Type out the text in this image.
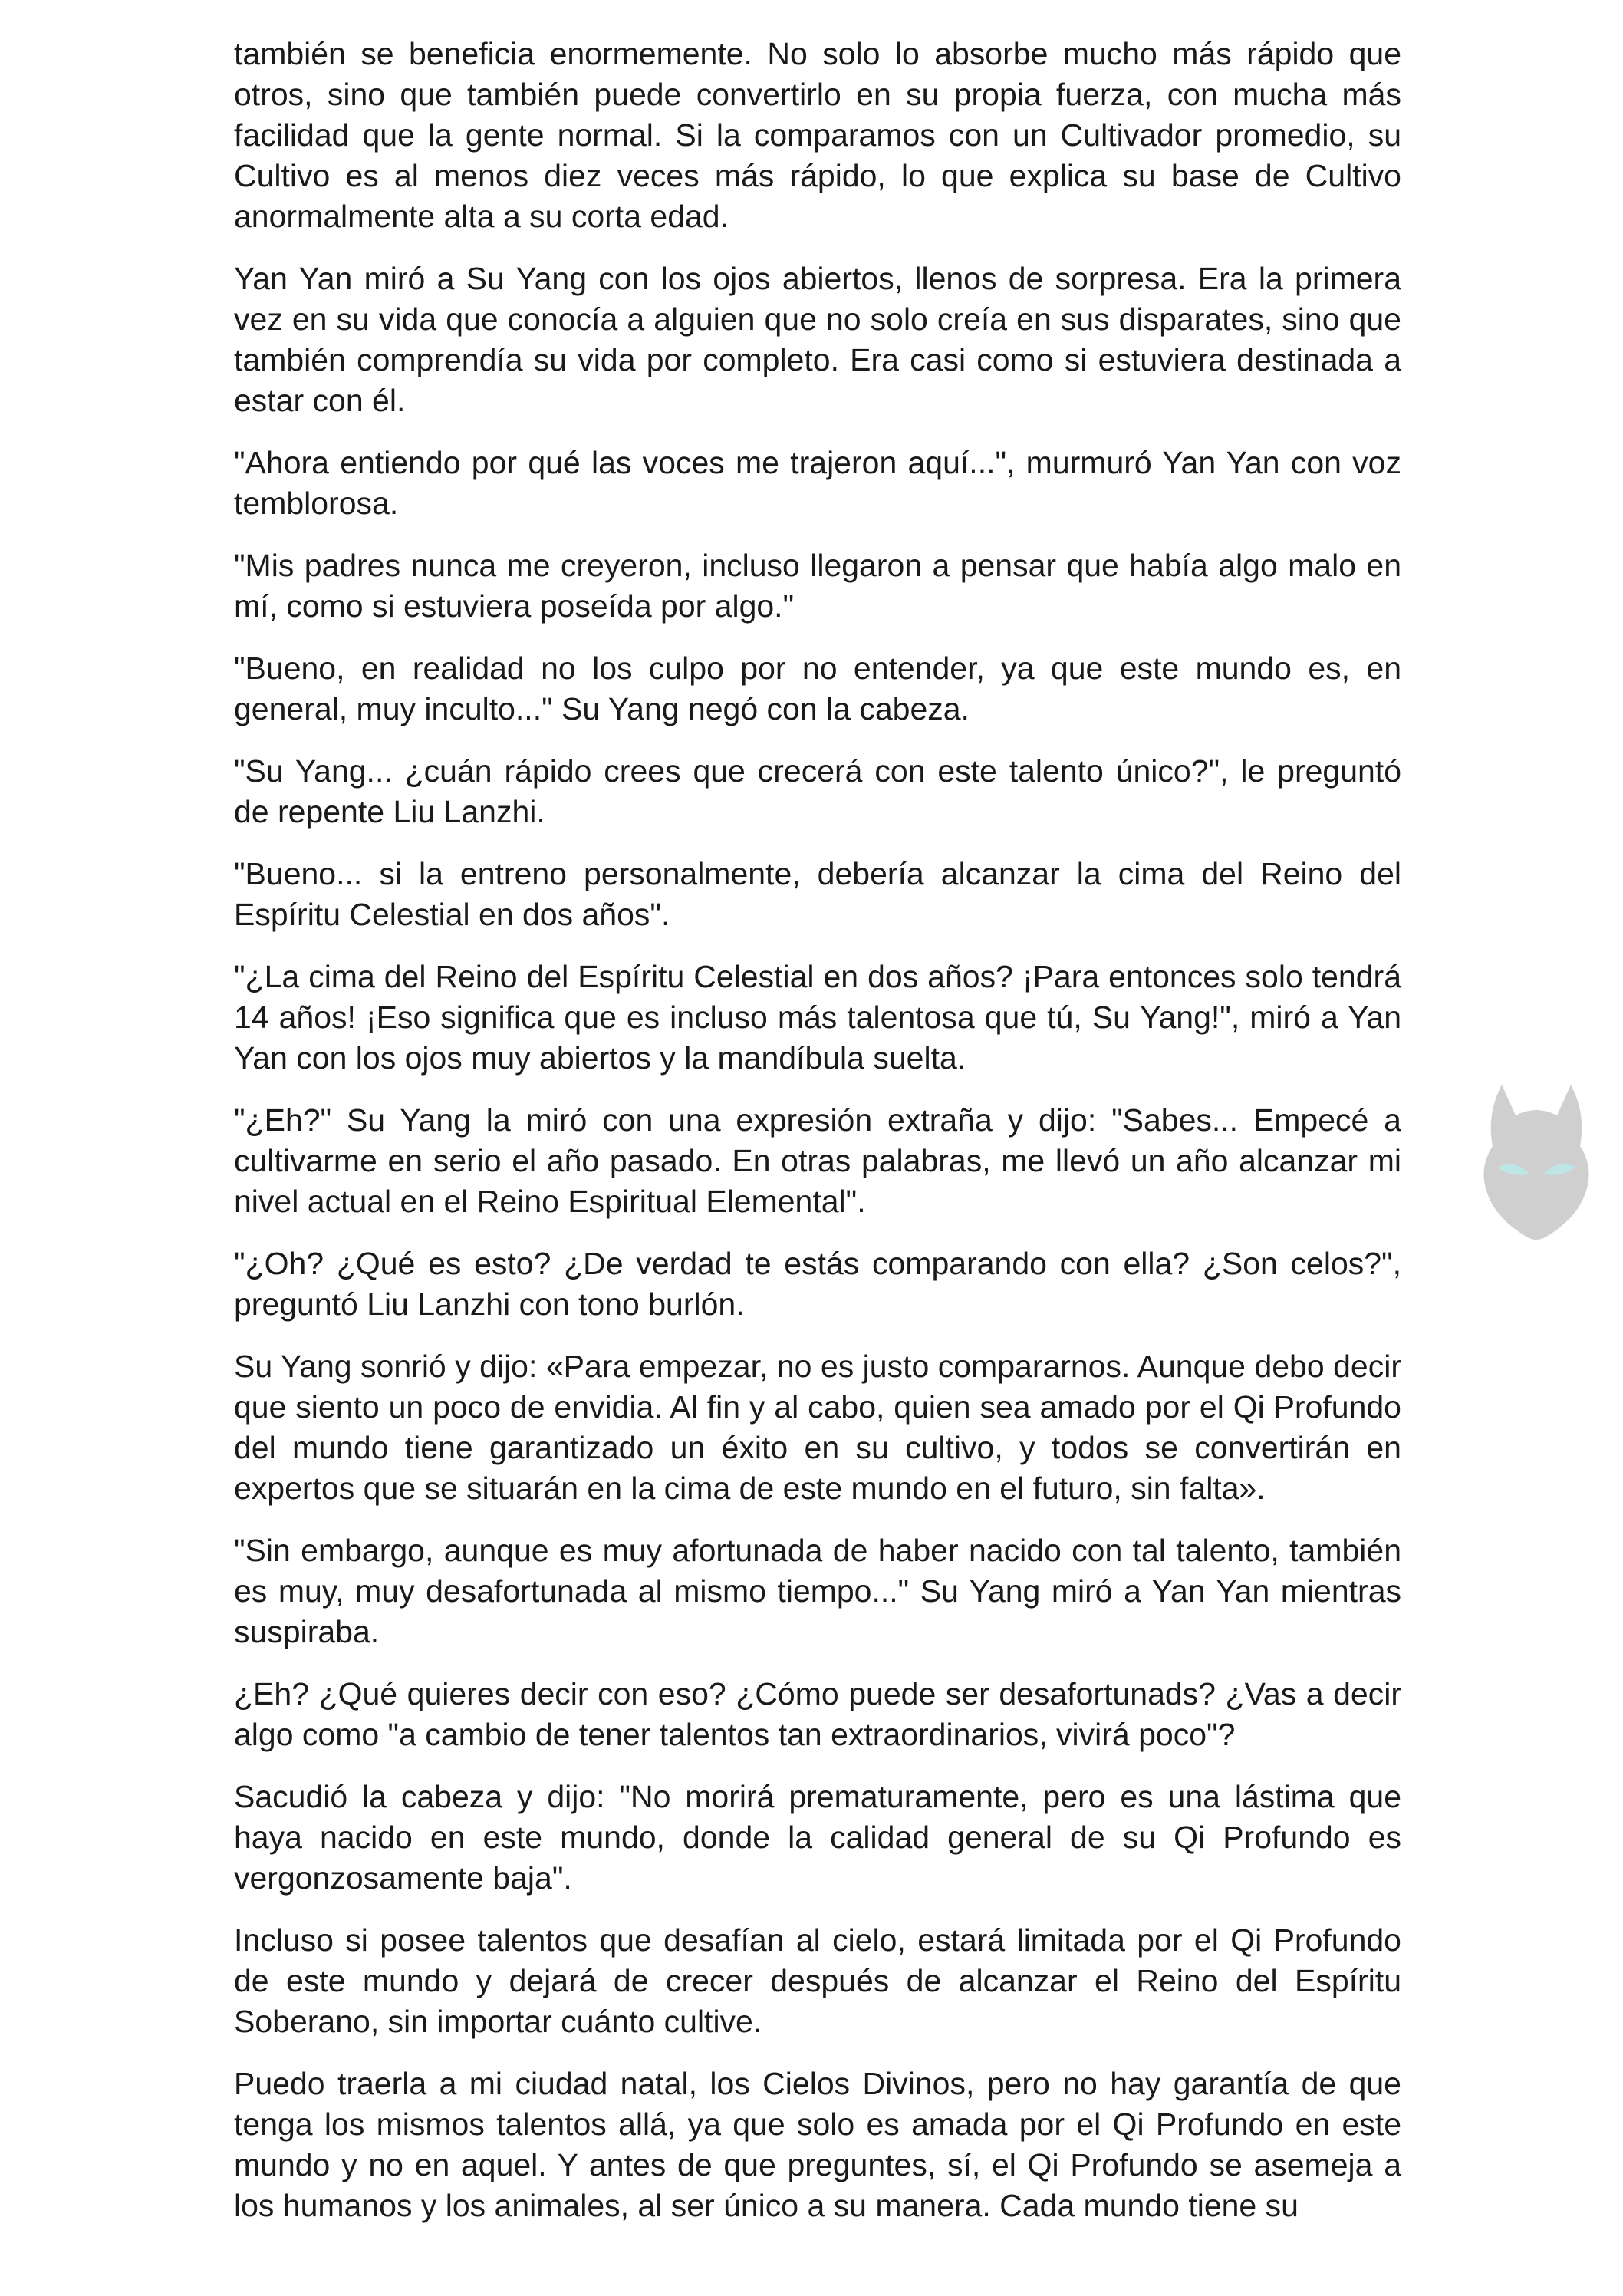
también se beneficia enormemente. No solo lo absorbe mucho más rápido que otros, sino que también puede convertirlo en su propia fuerza, con mucha más facilidad que la gente normal. Si la comparamos con un Cultivador promedio, su Cultivo es al menos diez veces más rápido, lo que explica su base de Cultivo anormalmente alta a su corta edad.

Yan Yan miró a Su Yang con los ojos abiertos, llenos de sorpresa. Era la primera vez en su vida que conocía a alguien que no solo creía en sus disparates, sino que también comprendía su vida por completo. Era casi como si estuviera destinada a estar con él.

"Ahora entiendo por qué las voces me trajeron aquí...", murmuró Yan Yan con voz temblorosa.

"Mis padres nunca me creyeron, incluso llegaron a pensar que había algo malo en mí, como si estuviera poseída por algo."

"Bueno, en realidad no los culpo por no entender, ya que este mundo es, en general, muy inculto..." Su Yang negó con la cabeza.

"Su Yang... ¿cuán rápido crees que crecerá con este talento único?", le preguntó de repente Liu Lanzhi.

"Bueno... si la entreno personalmente, debería alcanzar la cima del Reino del Espíritu Celestial en dos años".

"¿La cima del Reino del Espíritu Celestial en dos años? ¡Para entonces solo tendrá 14 años! ¡Eso significa que es incluso más talentosa que tú, Su Yang!", miró a Yan Yan con los ojos muy abiertos y la mandíbula suelta.

"¿Eh?" Su Yang la miró con una expresión extraña y dijo: "Sabes... Empecé a cultivarme en serio el año pasado. En otras palabras, me llevó un año alcanzar mi nivel actual en el Reino Espiritual Elemental".

"¿Oh? ¿Qué es esto? ¿De verdad te estás comparando con ella? ¿Son celos?", preguntó Liu Lanzhi con tono burlón.

Su Yang sonrió y dijo: «Para empezar, no es justo compararnos. Aunque debo decir que siento un poco de envidia. Al fin y al cabo, quien sea amado por el Qi Profundo del mundo tiene garantizado un éxito en su cultivo, y todos se convertirán en expertos que se situarán en la cima de este mundo en el futuro, sin falta».

"Sin embargo, aunque es muy afortunada de haber nacido con tal talento, también es muy, muy desafortunada al mismo tiempo..." Su Yang miró a Yan Yan mientras suspiraba.

¿Eh? ¿Qué quieres decir con eso? ¿Cómo puede ser desafortunads? ¿Vas a decir algo como "a cambio de tener talentos tan extraordinarios, vivirá poco"?

Sacudió la cabeza y dijo: "No morirá prematuramente, pero es una lástima que haya nacido en este mundo, donde la calidad general de su Qi Profundo es vergonzosamente baja".

Incluso si posee talentos que desafían al cielo, estará limitada por el Qi Profundo de este mundo y dejará de crecer después de alcanzar el Reino del Espíritu Soberano, sin importar cuánto cultive.

Puedo traerla a mi ciudad natal, los Cielos Divinos, pero no hay garantía de que tenga los mismos talentos allá, ya que solo es amada por el Qi Profundo en este mundo y no en aquel. Y antes de que preguntes, sí, el Qi Profundo se asemeja a los humanos y los animales, al ser único a su manera. Cada mundo tiene su
